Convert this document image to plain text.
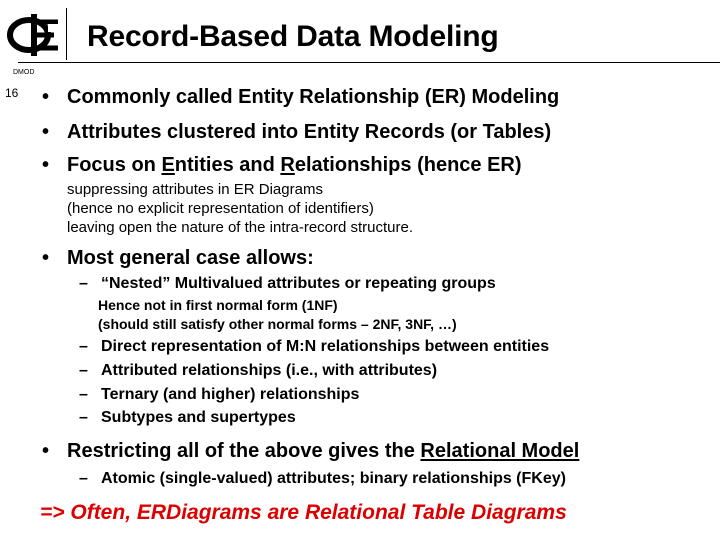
Record-Based Data Modeling
DMOD
16 • Commonly called Entity Relationship (ER) Modeling
• Attributes clustered into Entity Records (or Tables)
• Focus on Entities and Relationships (hence ER)
suppressing attributes in ER Diagrams
(hence no explicit representation of identifiers)
leaving open the nature of the intra-record structure.
• Most general case allows:
– “Nested” Multivalued attributes or repeating groups
Hence not in first normal form (1NF)
(should still satisfy other normal forms – 2NF, 3NF, …)
– Direct representation of M:N relationships between entities
– Attributed relationships (i.e., with attributes)
– Ternary (and higher) relationships
– Subtypes and supertypes
• Restricting all of the above gives the Relational Model
– Atomic (single-valued) attributes; binary relationships (FKey)
=> Often, ERDiagrams are Relational Table Diagrams
